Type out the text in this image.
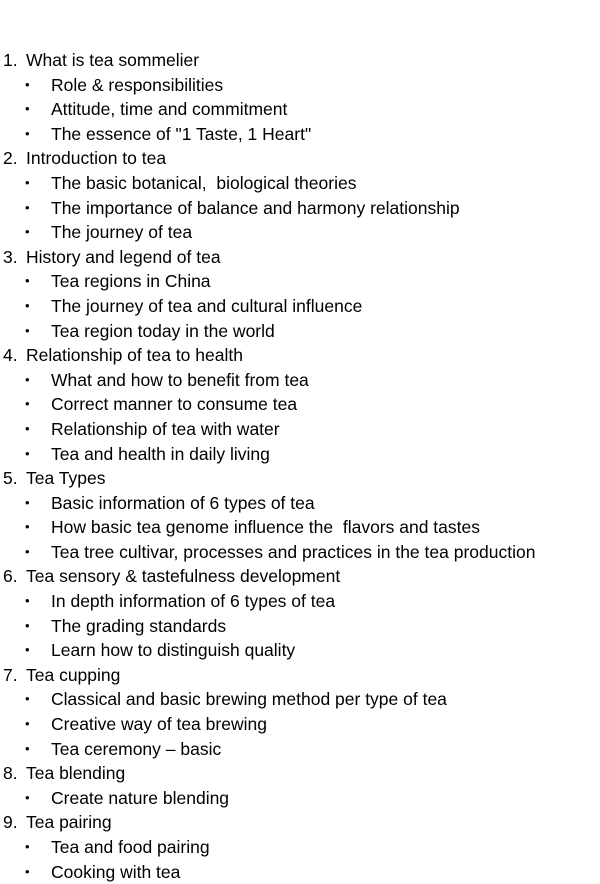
1. What is tea sommelier
• Role & responsibilities
• Attitude, time and commitment
• The essence of "1 Taste, 1 Heart"
2. Introduction to tea
• The basic botanical,  biological theories
• The importance of balance and harmony relationship
• The journey of tea
3. History and legend of tea
• Tea regions in China
• The journey of tea and cultural influence
• Tea region today in the world
4. Relationship of tea to health
• What and how to benefit from tea
• Correct manner to consume tea
• Relationship of tea with water
• Tea and health in daily living
5. Tea Types
• Basic information of 6 types of tea
• How basic tea genome influence the  flavors and tastes
• Tea tree cultivar, processes and practices in the tea production
6. Tea sensory & tastefulness development
• In depth information of 6 types of tea
• The grading standards
• Learn how to distinguish quality
7. Tea cupping
• Classical and basic brewing method per type of tea
• Creative way of tea brewing
• Tea ceremony – basic
8. Tea blending
• Create nature blending
9. Tea pairing
• Tea and food pairing
• Cooking with tea
